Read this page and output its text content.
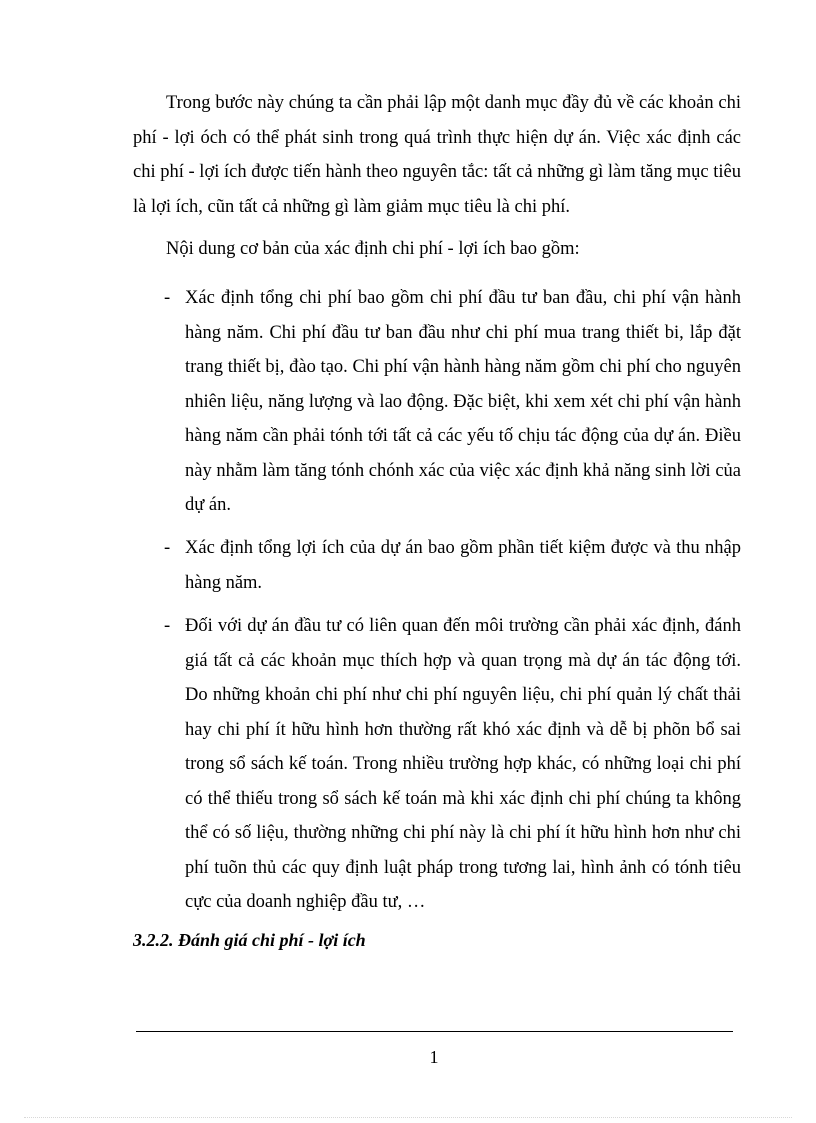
Trong bước này chúng ta cần phải lập một danh mục đầy đủ về các khoản chi phí - lợi óch có thể phát sinh trong quá trình thực hiện dự án. Việc xác định các chi phí - lợi ích được tiến hành theo nguyên tắc: tất cả những gì làm tăng mục tiêu là lợi ích, cũn tất cả những gì làm giảm mục tiêu là chi phí.

Nội dung cơ bản của xác định chi phí - lợi ích bao gồm:

- Xác định tổng chi phí bao gồm chi phí đầu tư ban đầu, chi phí vận hành hàng năm. Chi phí đầu tư ban đầu như chi phí mua trang thiết bi, lắp đặt trang thiết bị, đào tạo. Chi phí vận hành hàng năm gồm chi phí cho nguyên nhiên liệu, năng lượng và lao động. Đặc biệt, khi xem xét chi phí vận hành hàng năm cần phải tónh tới tất cả các yếu tố chịu tác động của dự án. Điều này nhằm làm tăng tónh chónh xác của việc xác định khả năng sinh lời của dự án.
- Xác định tổng lợi ích của dự án bao gồm phần tiết kiệm được và thu nhập hàng năm.
- Đối với dự án đầu tư có liên quan đến môi trường cần phải xác định, đánh giá tất cả các khoản mục thích hợp và quan trọng mà dự án tác động tới. Do những khoản chi phí như chi phí nguyên liệu, chi phí quản lý chất thải hay chi phí ít hữu hình hơn thường rất khó xác định và dễ bị phõn bổ sai trong sổ sách kế toán. Trong nhiều trường hợp khác, có những loại chi phí có thể thiếu trong sổ sách kế toán mà khi xác định chi phí chúng ta không thể có số liệu, thường những chi phí này là chi phí ít hữu hình hơn như chi phí tuõn thủ các quy định luật pháp trong tương lai, hình ảnh có tónh tiêu cực của doanh nghiệp đầu tư, …

3.2.2. Đánh giá chi phí - lợi ích

1
